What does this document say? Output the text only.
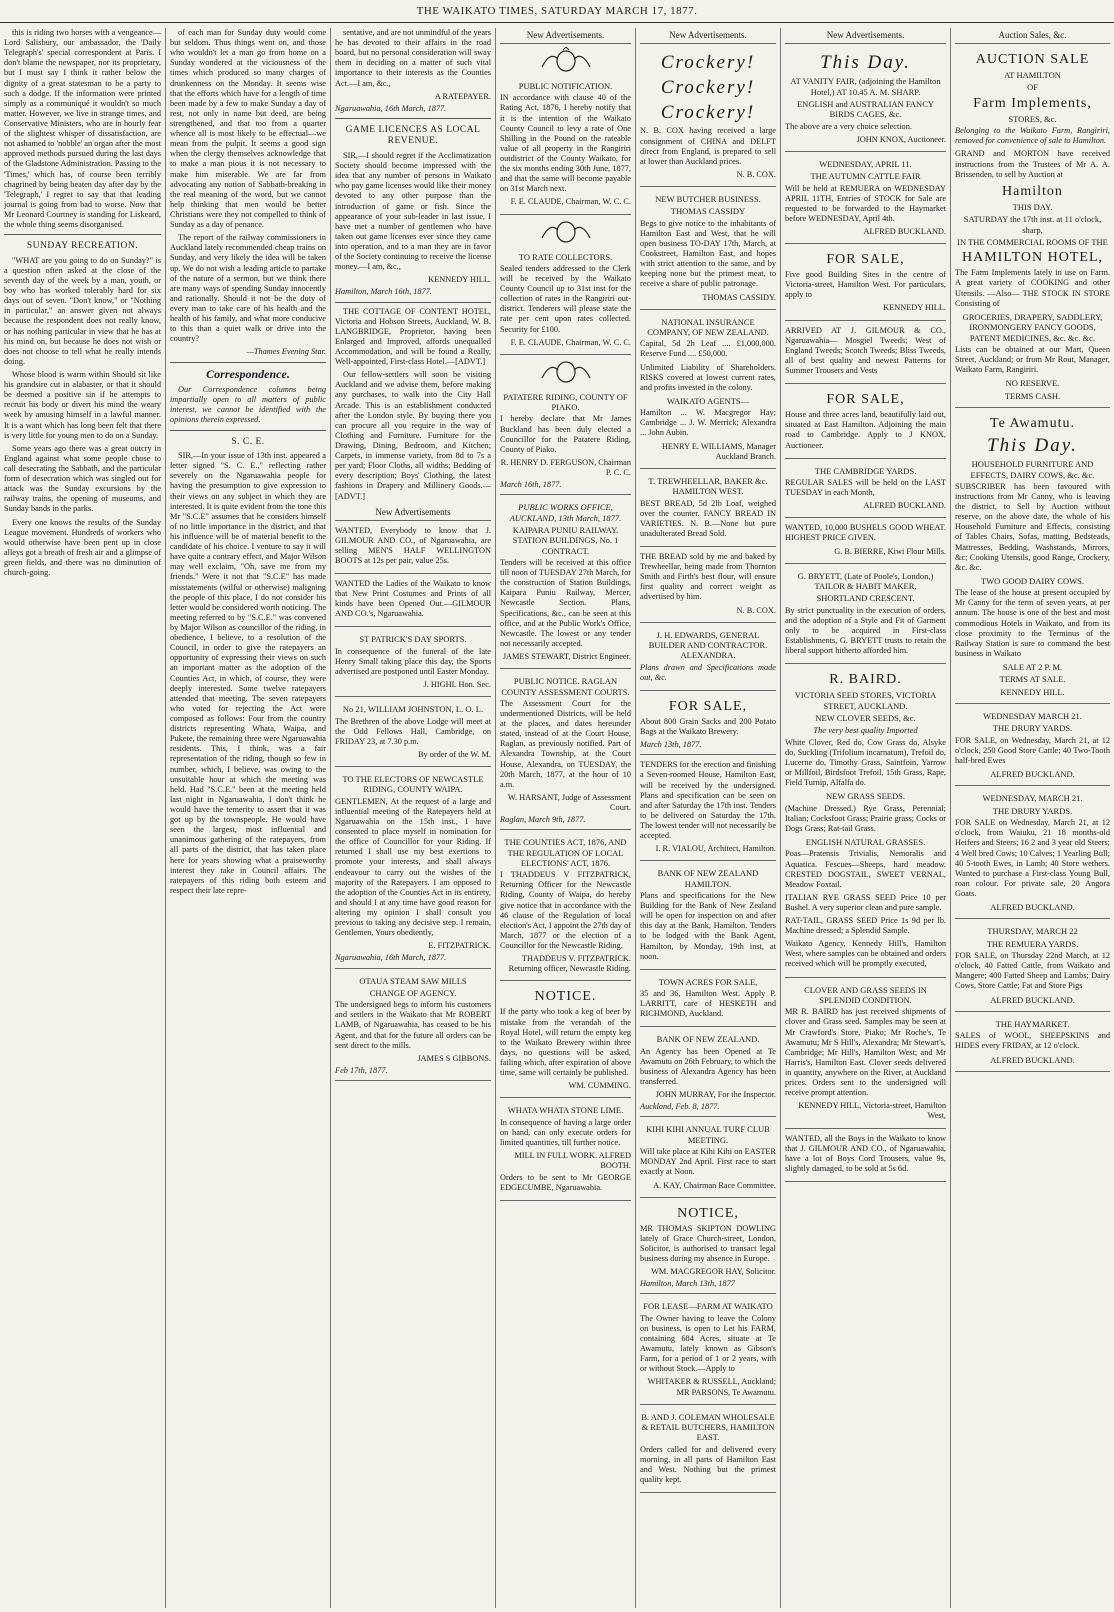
THE WAIKATO TIMES, SATURDAY MARCH 17, 1877.

this is riding two horses with a vengeance—Lord Salisbury, our ambassador, the 'Daily Telegraph's' special correspondent at Paris. I don't blame the newspaper, nor its proprietary, but I must say I think it rather below the dignity of a great statesman to be a party to such a dodge. If the information were printed simply as a communiqué it wouldn't so much matter. However, we live in strange times, and Conservative Ministers, who are in hourly fear of the slightest whisper of dissatisfaction, are not ashamed to 'nobble' an organ after the most approved methods pursued during the last days of the Gladstone Administration. Passing to the 'Times,' which has, of course been terribly chagrined by being beaten day after day by the 'Telegraph,' I regret to say that that leading journal is going from bad to worse. Now that Mr Leonard Courtney is standing for Liskeard, the whole thing seems disorganised.

SUNDAY RECREATION.

"WHAT are you going to do on Sunday?" is a question often asked at the close of the seventh day of the week by a man, youth, or boy who has worked tolerably hard for six days out of seven. "Don't know," or "Nothing in particular," an answer given not always because the respondent does not really know, or has nothing particular in view that he has at his mind on, but because he does not wish or does not choose to tell what he really intends doing.

Whose blood is warm within Should sit like his grandsire cut in alabaster, or that it should be deemed a positive sin if he attempts to recruit his body or divert his mind the weary week by amusing himself in a lawful manner. It is a want which has long been felt that there is very little for young men to do on a Sunday.

Some years ago there was a great outcry in England against what some people chose to call desecrating the Sabbath, and the particular form of desecration which was singled out for attack was the Sunday excursions by the railway trains, the opening of museums, and Sunday bands in the parks.

Every one knows the results of the Sunday League movement. Hundreds of workers who would otherwise have been pent up in close alleys got a breath of fresh air and a glimpse of green fields, and there was no diminution of church-going.

of each man for Sunday duty would come but seldom. Thus things went on, and those who wouldn't let a man go from home on a Sunday wondered at the viciousness of the times which produced so many charges of drunkenness on the Monday. It seems wise that the efforts which have for a length of time been made by a few to make Sunday a day of rest, not only in name but deed, are being strengthened, and that too from a quarter whence all is most likely to be effectual—we mean from the pulpit. It seems a good sign when the clergy themselves acknowledge that to make a man pious it is not necessary to make him miserable. We are far from advocating any notion of Sabbath-breaking in the real meaning of the word, but we cannot help thinking that men would be better Christians were they not compelled to think of Sunday as a day of penance.

The report of the railway commissioners in Auckland lately recommended cheap trains on Sunday, and very likely the idea will be taken up. We do not wish a leading article to partake of the nature of a sermon, but we think there are many ways of spending Sunday innocently and rationally. Should it not be the duty of every man to take care of his health and the health of his family, and what more conducive to this than a quiet walk or drive into the country?

—Thames Evening Star.
Correspondence.

Our Correspondence columns being impartially open to all matters of public interest, we cannot be identified with the opinions therein expressed.

S. C. E.

SIR,—In your issue of 13th inst. appeared a letter signed "S. C. E.," reflecting rather severely on the Ngaruawahia people for having the presumption to give expression to their views on any subject in which they are interested. It is quite evident from the tone this Mr "S.C.E" assumes that he considers himself of no little importance in the district, and that his influence will be of material benefit to the candidate of his choice. I venture to say it will have quite a contrary effect, and Major Wilson may well exclaim, "Oh, save me from my friends." Were it not that "S.C.E" has made misstatements (wilful or otherwise) maligning the people of this place, I do not consider his letter would be considered worth noticing. The meeting referred to by "S.C.E." was convened by Major Wilson as councillor of the riding, in obedience, I believe, to a resolution of the Council, in order to give the ratepayers an opportunity of expressing their views on such an important matter as the adoption of the Counties Act, in which, of course, they were deeply interested. Some twelve ratepayers attended that meeting. The seven ratepayers who voted for rejecting the Act were composed as follows: Four from the country districts representing Whata, Waipa, and Pukete, the remaining three were Ngaruawahia residents. This, I think, was a fair representation of the riding, though so few in number, which, I believe, was owing to the unsuitable hour at which the meeting was held. Had "S.C.E." been at the meeting held last night in Ngaruawahia, I don't think he would have the temerity to assert that it was got up by the townspeople. He would have seen the largest, most influential and unanimous gathering of the ratepayers, from all parts of the district, that has taken place here for years showing what a praiseworthy interest they take in Council affairs. The ratepayers of this riding both esteem and respect their late repre-

sentative, and are not unmindful of the years he has devoted to their affairs in the road board, but no personal consideration will sway them in deciding on a matter of such vital importance to their interests as the Counties Act.—I am, &c.,

A RATEPAYER.
Ngaruawahia, 16th March, 1877.
GAME LICENCES AS LOCAL REVENUE.

SIR,—I should regret if the Acclimatization Society should become impressed with the idea that any number of persons in Waikato who pay game licenses would like their money devoted to any other purpose than the introduction of game or fish. Since the appearance of your sub-leader in last issue, I have met a number of gentlemen who have taken out game licenses ever since they came into operation, and to a man they are in favor of the Society continuing to receive the license money.—I am, &c.,

KENNEDY HILL.
Hamilton, March 16th, 1877.

THE COTTAGE OF CONTENT HOTEL, Victoria and Hobson Streets, Auckland, W. B. LANGBRIDGE, Proprietor, having been Enlarged and Improved, affords unequalled Accommodation, and will be found a Really, Well-appointed, First-class Hotel.—[ADVT.]

Our fellow-settlers will soon be visiting Auckland and we advise them, before making any purchases, to walk into the City Hall Arcade. This is an establishment conducted after the London style. By buying there you can procure all you require in the way of Clothing and Furniture. Furniture for the Drawing, Dining, Bedroom, and Kitchen; Carpets, in immense variety, from 8d to 7s a per yard; Floor Cloths, all widths; Bedding of every description; Boys' Clothing, the latest fashions in Drapery and Millinery Goods.—[ADVT.]

New Advertisements

WANTED, Everybody to know that J. GILMOUR AND CO., of Ngaruawahia, are selling MEN'S HALF WELLINGTON BOOTS at 12s per pair, value 25s.

WANTED the Ladies of the Waikato to know that New Print Costumes and Prints of all kinds have been Opened Out.—GILMOUR AND CO.'s, Ngaruawahia.

ST PATRICK'S DAY SPORTS.

In consequence of the funeral of the late Henry Small taking place this day, the Sports advertised are postponed until Easter Monday.

J. HIGHL Hon. Sec.
No 21, WILLIAM JOHNSTON, L. O. L.

The Brethren of the above Lodge will meet at the Odd Fellows Hall, Cambridge, on FRIDAY 23, at 7.30 p.m.

By order of the W. M.
TO THE ELECTORS OF NEWCASTLE RIDING, COUNTY WAIPA.

GENTLEMEN, At the request of a large and influential meeting of the Ratepayers held at Ngaruawahia on the 15th inst., I have consented to place myself in nomination for the office of Councillor for your Riding. If returned I shall use my best exertions to promote your interests, and shall always endeavour to carry out the wishes of the majority of the Ratepayers. I am opposed to the adoption of the Counties Act in its entirety, and should I at any time have good reason for altering my opinion I shall consult you previous to taking any decisive step. I remain, Gentlemen, Yours obediently,

E. FITZPATRICK.
Ngaruawahia, 16th March, 1877.
OTAUA STEAM SAW MILLS
CHANGE OF AGENCY.

The undersigned begs to inform his customers and settlers in the Waikato that Mr ROBERT LAMB, of Ngaruawahia, has ceased to be his Agent, and that for the future all orders can be sent direct to the mills.

JAMES S GIBBONS.
Feb 17th, 1877.
New Advertisements.
PUBLIC NOTIFICATION.

IN accordance with clause 40 of the Rating Act, 1876, I hereby notify that it is the intention of the Waikato County Council to levy a rate of One Shilling in the Pound on the rateable value of all property in the Rangiriri outdistrict of the County Waikato, for the six months ending 30th June, 1877, and that the same will become payable on 31st March next.

F. E. CLAUDE, Chairman, W. C. C.
TO RATE COLLECTORS.

Sealed tenders addressed to the Clerk will be received by the Waikato County Council up to 31st inst for the collection of rates in the Rangiriri out-district. Tenderers will please state the rate per cent upon rates collected. Security for £100.

F. E. CLAUDE, Chairman, W. C. C.
PATATERE RIDING, COUNTY OF PIAKO.

I hereby declare that Mr James Buckland has been duly elected a Councillor for the Patatere Riding, County of Piako.

R. HENRY D. FERGUSON, Chairman P. C. C.
March 16th, 1877.
PUBLIC WORKS OFFICE, AUCKLAND, 13th March, 1877.
KAIPARA PUNIU RAILWAY. STATION BUILDINGS, No. 1 CONTRACT.

Tenders will be received at this office till noon of TUESDAY 27th March, for the construction of Station Buildings, Kaipara Puniu Railway, Mercer, Newcastle Section. Plans, Specifications, &c., can be seen at this office, and at the Public Work's Office, Newcastle. The lowest or any tender not necessarily accepted.

JAMES STEWART, District Engineer.
PUBLIC NOTICE. RAGLAN COUNTY ASSESSMENT COURTS.

The Assessment Court for the undermentioned Districts, will be held at the places, and dates hereunder stated, instead of at the Court House, Raglan, as previously notified. Part of Alexandra Township, at the Court House, Alexandra, on TUESDAY, the 20th March, 1877, at the hour of 10 a.m.

W. HARSANT, Judge of Assessment Court.
Raglan, March 9th, 1877.
THE COUNTIES ACT, 1876, AND THE REGULATION OF LOCAL ELECTIONS' ACT, 1876.

I THADDEUS V FITZPATRICK, Returning Officer for the Newcastle Riding, County of Waipa, do hereby give notice that in accordance with the 46 clause of the Regulation of local election's Act, I appoint the 27th day of March, 1877 or the election of a Councillor for the Newcastle Riding.

THADDEUS V. FITZPATRICK. Returning officer, Newcastle Riding.
NOTICE.

If the party who took a keg of beer by mistake from the verandah of the Royal Hotel, will return the empty keg to the Waikato Brewery within three days, no questions will be asked, failing which, after expiration of above time, same will certainly be published.

WM. CUMMING.
WHATA WHATA STONE LIME.

In consequence of having a large order on hand, can only execute orders for limited quantities, till further notice.

MILL IN FULL WORK. ALFRED BOOTH.

Orders to be sent to Mr GEORGE EDGECUMBE, Ngaruawahia.

New Advertisements.
Crockery!
Crockery!
Crockery!

N. B. COX having received a large consignment of CHINA and DELFT direct from England, is prepared to sell at lower than Auckland prices.

N. B. COX.
NEW BUTCHER BUSINESS.
THOMAS CASSIDY

Begs to give notice to the inhabitants of Hamilton East and West, that he will open business TO-DAY 17th, March, at Cookstreet, Hamilton East, and hopes with strict attention to the same, and by keeping none but the primest meat, to receive a share of public patronage.

THOMAS CASSIDY.
NATIONAL INSURANCE COMPANY, OF NEW ZEALAND.

Capital, 5d 2h Leaf .... £1,000,000. Reserve Fund .... £50,000.

Unlimited Liability of Shareholders. RISKS covered at lowest current rates, and profits invested in the colony.

WAIKATO AGENTS—

Hamilton ... W. Macgregor Hay; Cambridge ... J. W. Merrick; Alexandra ... John Aubin.

HENRY E. WILLIAMS, Manager Auckland Branch.
T. TREWHEELLAR, BAKER &c. HAMILTON WEST.

BEST BREAD, 5d 2lb Loaf, weighed over the counter. FANCY BREAD IN VARIETIES. N. B.—None but pure unadulterated Bread Sold.

THE BREAD sold by me and baked by Trewheellar, being made from Thornton Smith and Firth's best flour, will ensure first quality and correct weight as advertised by him.

N. B. COX.
J. H. EDWARDS, GENERAL BUILDER AND CONTRACTOR. ALEXANDRA.

Plans drawn and Specifications made out, &c.

FOR SALE,

About 800 Grain Sacks and 200 Potato Bags at the Waikato Brewery.

March 13th, 1877.

TENDERS for the erection and finishing a Seven-roomed House, Hamilton East, will be received by the undersigned. Plans and specification can be seen on and after Saturday the 17th inst. Tenders to be delivered on Saturday the 17th. The lowest tender will not necessarily be accepted.

I. R. VIALOU, Architect, Hamilton.
BANK OF NEW ZEALAND HAMILTON.

Plans and specifications for the New Building for the Bank of New Zealand will be open for inspection on and after this day at the Bank, Hamilton. Tenders to be lodged with the Bank Agent, Hamilton, by Monday, 19th inst, at noon.

TOWN ACRES FOR SALE,

35 and 36, Hamilton West. Apply P. LARRITT, care of HESKETH and RICHMOND, Auckland.

BANK OF NEW ZEALAND.

An Agency has been Opened at Te Awamutu on 26th February, to which the business of Alexandra Agency has been transferred.

JOHN MURRAY, For the Inspector.
Auckland, Feb. 8, 1877.
KIHI KIHI ANNUAL TURF CLUB MEETING.

Will take place at Kihi Kihi on EASTER MONDAY 2nd April. First race to start exactly at Noon.

A. KAY, Chairman Race Committee.
NOTICE,

MR THOMAS SKIPTON DOWLING lately of Grace Church-street, London, Solicitor, is authorised to transact legal business during my absence in Europe.

WM. MACGREGOR HAY, Solicitor.
Hamilton, March 13th, 1877
FOR LEASE—FARM AT WAIKATO

The Owner having to leave the Colony on business, is open to Let his FARM, containing 684 Acres, situate at Te Awamutu, lately known as Gibson's Farm, for a period of 1 or 2 years, with or without Stock.—Apply to

WHITAKER & RUSSELL, Auckland; MR PARSONS, Te Awamutu.
B. AND J. COLEMAN WHOLESALE & RETAIL BUTCHERS, HAMILTON EAST.

Orders called for and delivered every morning, in all parts of Hamilton East and West. Nothing but the primest quality kept.

New Advertisements.
This Day.
AT VANITY FAIR, (adjoining the Hamilton Hotel,) AT 10.45 A. M. SHARP.
ENGLISH and AUSTRALIAN FANCY BIRDS CAGES, &c.

The above are a very choice selection.

JOHN KNOX, Auctioneer.
WEDNESDAY, APRIL 11.
THE AUTUMN CATTLE FAIR

Will be held at REMUERA on WEDNESDAY APRIL 11TH, Entries of STOCK for Sale are requested to be forwarded to the Haymarket before WEDNESDAY, April 4th.

ALFRED BUCKLAND.
FOR SALE,

Five good Building Sites in the centre of Victoria-street, Hamilton West. For particulars, apply to

KENNEDY HILL.

ARRIVED AT J. GILMOUR & CO., Ngaruawahia— Mosgiel Tweeds; West of England Tweeds; Scotch Tweeds; Bliss Tweeds, all of best quality and newest Patterns for Summer Trousers and Vests

FOR SALE,

House and three acres land, beautifully laid out, situated at East Hamilton. Adjoining the main road to Cambridge. Apply to J KNOX, Auctioneer.

THE CAMBRIDGE YARDS.

REGULAR SALES will be held on the LAST TUESDAY in each Month,

ALFRED BUCKLAND.

WANTED, 10,000 BUSHELS GOOD WHEAT. HIGHEST PRICE GIVEN.

G. B. BIERRE, Kiwi Flour Mills.
G. BRYETT, (Late of Poole's, London,) TAILOR & HABIT MAKER,
SHORTLAND CRESCENT.

By strict punctuality in the execution of orders, and the adoption of a Style and Fit of Garment only to be acquired in First-class Establishments, G. BRYETT trusts to retain the liberal support hitherto afforded him.

R. BAIRD.
VICTORIA SEED STORES, VICTORIA STREET, AUCKLAND.
NEW CLOVER SEEDS, &c.
The very best quality Imported

White Clover, Red do, Cow Grass do, Alsyke do, Suckling (Trifolium incarnatum), Trefoil do, Lucerne do, Timothy Grass, Saintfoin, Yarrow or Millfoil, Birdsfoot Trefoil, 15th Grass, Rape, Field Turnip, Alfalfa do.

NEW GRASS SEEDS.

(Machine Dressed.) Rye Grass, Perennial; Italian; Cocksfoot Grass; Prairie grass; Cocks or Dogs Grass; Rat-tail Grass.

ENGLISH NATURAL GRASSES.

Poas—Pratensis Trivialis, Nemoralis and Aquatica. Fescues—Sheeps, hard meadow. CRESTED DOGSTAIL, SWEET VERNAL, Meadow Foxtail.

ITALIAN RYE GRASS SEED Price 10 per Bushel. A very superior clean and pure sample.

RAT-TAIL, GRASS SEED Price 1s 9d per lb. Machine dressed; a Splendid Sample.

Waikato Agency, Kennedy Hill's, Hamilton West, where samples can be obtained and orders received which will be promptly executed,

CLOVER AND GRASS SEEDS IN SPLENDID CONDITION.

MR R. BAIRD has just received shipments of clover and Grass seed. Samples may be seen at Mr Crawford's Store, Piako; Mr Roche's, Te Awamutu; Mr S Hill's, Alexandra; Mr Stewart's, Cambridge; Mr Hill's, Hamilton West; and Mr Harris's, Hamilton East. Clover seeds delivered in quantity, anywhere on the River, at Auckland prices. Orders sent to the undersigned will receive prompt attention.

KENNEDY HILL, Victoria-street, Hamilton West,

WANTED, all the Boys in the Waikato to know that J. GILMOUR AND CO., of Ngaruawahia, have a lot of Boys Cord Trousers, value 9s, slightly damaged, to be sold at 5s 6d.

Auction Sales, &c.
AUCTION SALE
AT HAMILTON
OF
Farm Implements,
STORES, &c.

Belonging to the Waikato Farm, Rangiriri, removed for convenience of sale to Hamilton.

GRAND and MORTON have received instructions from the Trustees of Mr A. A. Brissenden, to sell by Auction at

Hamilton
THIS DAY.
SATURDAY the 17th inst. at 11 o'clock, sharp,
IN THE COMMERCIAL ROOMS OF THE
HAMILTON HOTEL,

The Farm Implements lately in use on Farm. A great variety of COOKING and other Utensils. —Also— THE STOCK IN STORE Consisting of

GROCERIES, DRAPERY, SADDLERY, IRONMONGERY FANCY GOODS, PATENT MEDICINES, &c. &c. &c.

Lists can be obtained at our Mart, Queen Street, Auckland; or from Mr Rout, Manager, Waikato Farm, Rangiriri.

NO RESERVE.
TERMS CASH.
Te Awamutu.
This Day.
HOUSEHOLD FURNITURE AND EFFECTS, DAIRY COWS, &c. &c.

SUBSCRIBER has been favoured with instructions from Mr Canny, who is leaving the district, to Sell by Auction without reserve, on the above date, the whole of his Household Furniture and Effects, consisting of Tables Chairs, Sofas, matting, Bedsteads, Mattresses, Bedding, Washstands, Mirrors, &c; Cooking Utensils, good Range, Crockery, &c. &c.

TWO GOOD DAIRY COWS.

The lease of the house at present occupied by Mr Canny for the term of seven years, at per annum. The house is one of the best and most commodious Hotels in Waikato, and from its close proximity to the Terminus of the Railway Station is sure to command the best business in Waikato

SALE AT 2 P. M.
TERMS AT SALE.
KENNEDY HILL.
WEDNESDAY MARCH 21.
THE DRURY YARDS.

FOR SALE, on Wednesday, March 21, at 12 o'clock, 250 Good Store Cattle; 40 Two-Tooth half-bred Ewes

ALFRED BUCKLAND.
WEDNESDAY, MARCH 21.
THE DRURY YARDS.

FOR SALE on Wednesday, March 21, at 12 o'clock, from Waiuku, 21 18 months-old Heifers and Steers; 16 2 and 3 year old Steers; 4 Well bred Cows; 10 Calves; 1 Yearling Bull; 40 5-tooth Ewes, in Lamb; 40 Store wethers. Wanted to purchase a First-class Young Bull, roan colour. For private sale, 20 Angora Goats.

ALFRED BUCKLAND.
THURSDAY, MARCH 22
THE REMUERA YARDS.

FOR SALE, on Thursday 22nd March, at 12 o'clock, 40 Fatted Cattle, from Waikato and Mangere; 400 Fatted Sheep and Lambs; Dairy Cows, Store Cattle; Fat and Store Pigs

ALFRED BUCKLAND.
THE HAYMARKET.

SALES of WOOL, SHEEPSKINS and HIDES every FRIDAY, at 12 o'clock.

ALFRED BUCKLAND.
